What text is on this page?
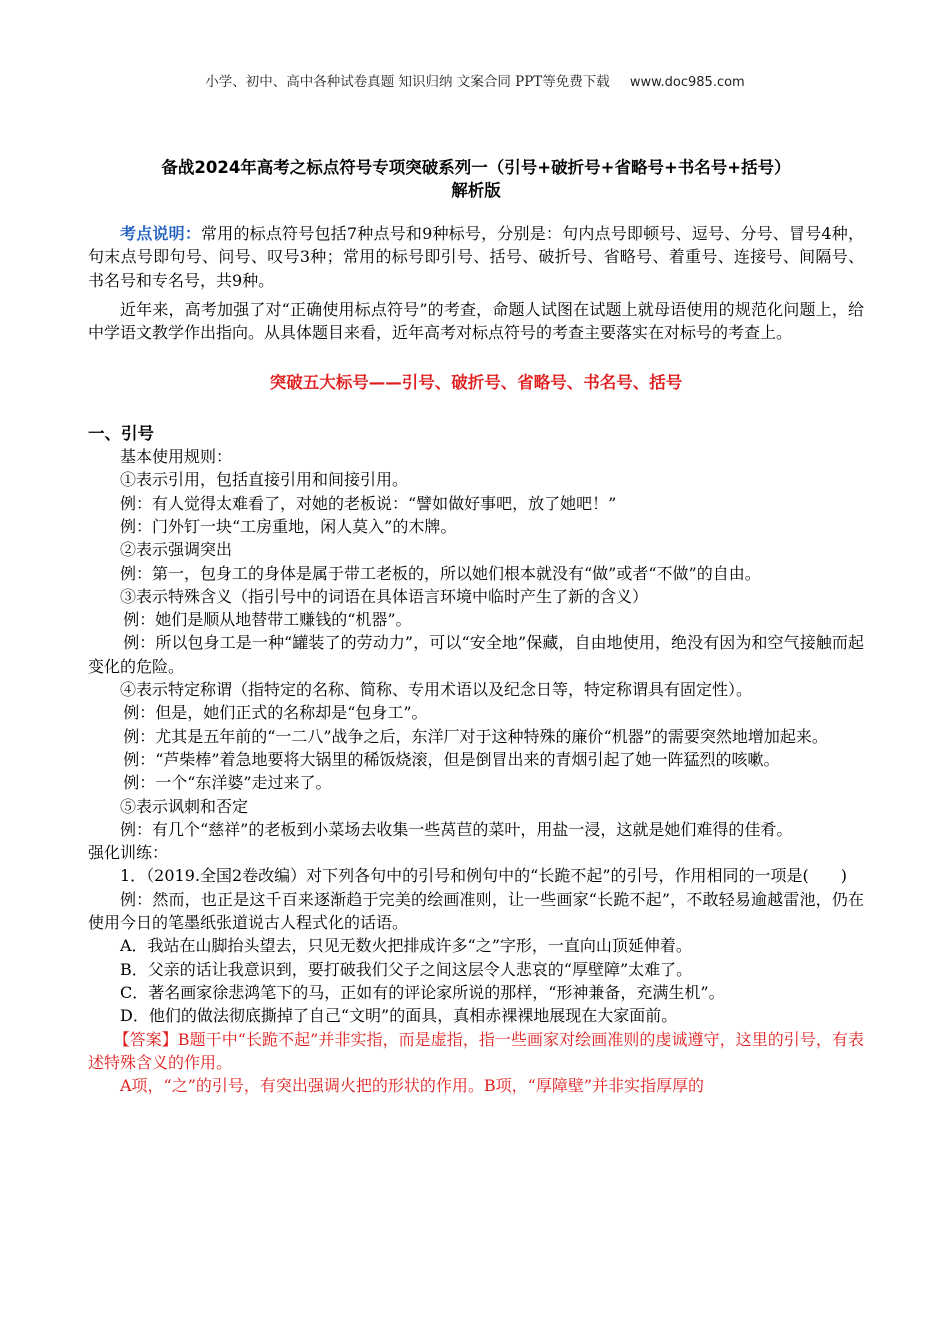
小学、初中、高中各种试卷真题 知识归纳 文案合同 PPT等免费下载 www.doc985.com
备战2024年高考之标点符号专项突破系列一（引号+破折号+省略号+书名号+括号）
解析版

考点说明：常用的标点符号包括7种点号和9种标号，分别是：句内点号即顿号、逗号、分号、冒号4种，句末点号即句号、问号、叹号3种；常用的标号即引号、括号、破折号、省略号、着重号、连接号、间隔号、书名号和专名号，共9种。

近年来，高考加强了对“正确使用标点符号”的考查，命题人试图在试题上就母语使用的规范化问题上，给中学语文教学作出指向。从具体题目来看，近年高考对标点符号的考查主要落实在对标号的考查上。

突破五大标号——引号、破折号、省略号、书名号、括号

一、引号

基本使用规则：

①表示引用，包括直接引用和间接引用。

例：有人觉得太难看了，对她的老板说：“譬如做好事吧，放了她吧！”

例：门外钉一块“工房重地，闲人莫入”的木牌。

②表示强调突出

例：第一，包身工的身体是属于带工老板的，所以她们根本就没有“做”或者“不做”的自由。

③表示特殊含义（指引号中的词语在具体语言环境中临时产生了新的含义）

例：她们是顺从地替带工赚钱的“机器”。

例：所以包身工是一种“罐装了的劳动力”，可以“安全地”保藏，自由地使用，绝没有因为和空气接触而起变化的危险。

④表示特定称谓（指特定的名称、简称、专用术语以及纪念日等，特定称谓具有固定性）。

例：但是，她们正式的名称却是“包身工”。

例：尤其是五年前的“一二八”战争之后，东洋厂对于这种特殊的廉价“机器”的需要突然地增加起来。

例：“芦柴棒”着急地要将大锅里的稀饭烧滚，但是倒冒出来的青烟引起了她一阵猛烈的咳嗽。

例：一个“东洋婆”走过来了。

⑤表示讽刺和否定

例：有几个“慈祥”的老板到小菜场去收集一些莴苣的菜叶，用盐一浸，这就是她们难得的佳肴。

强化训练：

1．（2019.全国2卷改编）对下列各句中的引号和例句中的“长跪不起”的引号，作用相同的一项是(　　)

例：然而，也正是这千百来逐渐趋于完美的绘画准则，让一些画家“长跪不起”，不敢轻易逾越雷池，仍在使用今日的笔墨纸张道说古人程式化的话语。

A．我站在山脚抬头望去，只见无数火把排成许多“之”字形，一直向山顶延伸着。

B．父亲的话让我意识到，要打破我们父子之间这层令人悲哀的“厚壁障”太难了。

C．著名画家徐悲鸿笔下的马，正如有的评论家所说的那样，“形神兼备，充满生机”。

D．他们的做法彻底撕掉了自己“文明”的面具，真相赤裸裸地展现在大家面前。

【答案】B题干中“长跪不起”并非实指，而是虚指，指一些画家对绘画准则的虔诚遵守，这里的引号，有表述特殊含义的作用。

A项，“之”的引号，有突出强调火把的形状的作用。B项，“厚障壁”并非实指厚厚的
